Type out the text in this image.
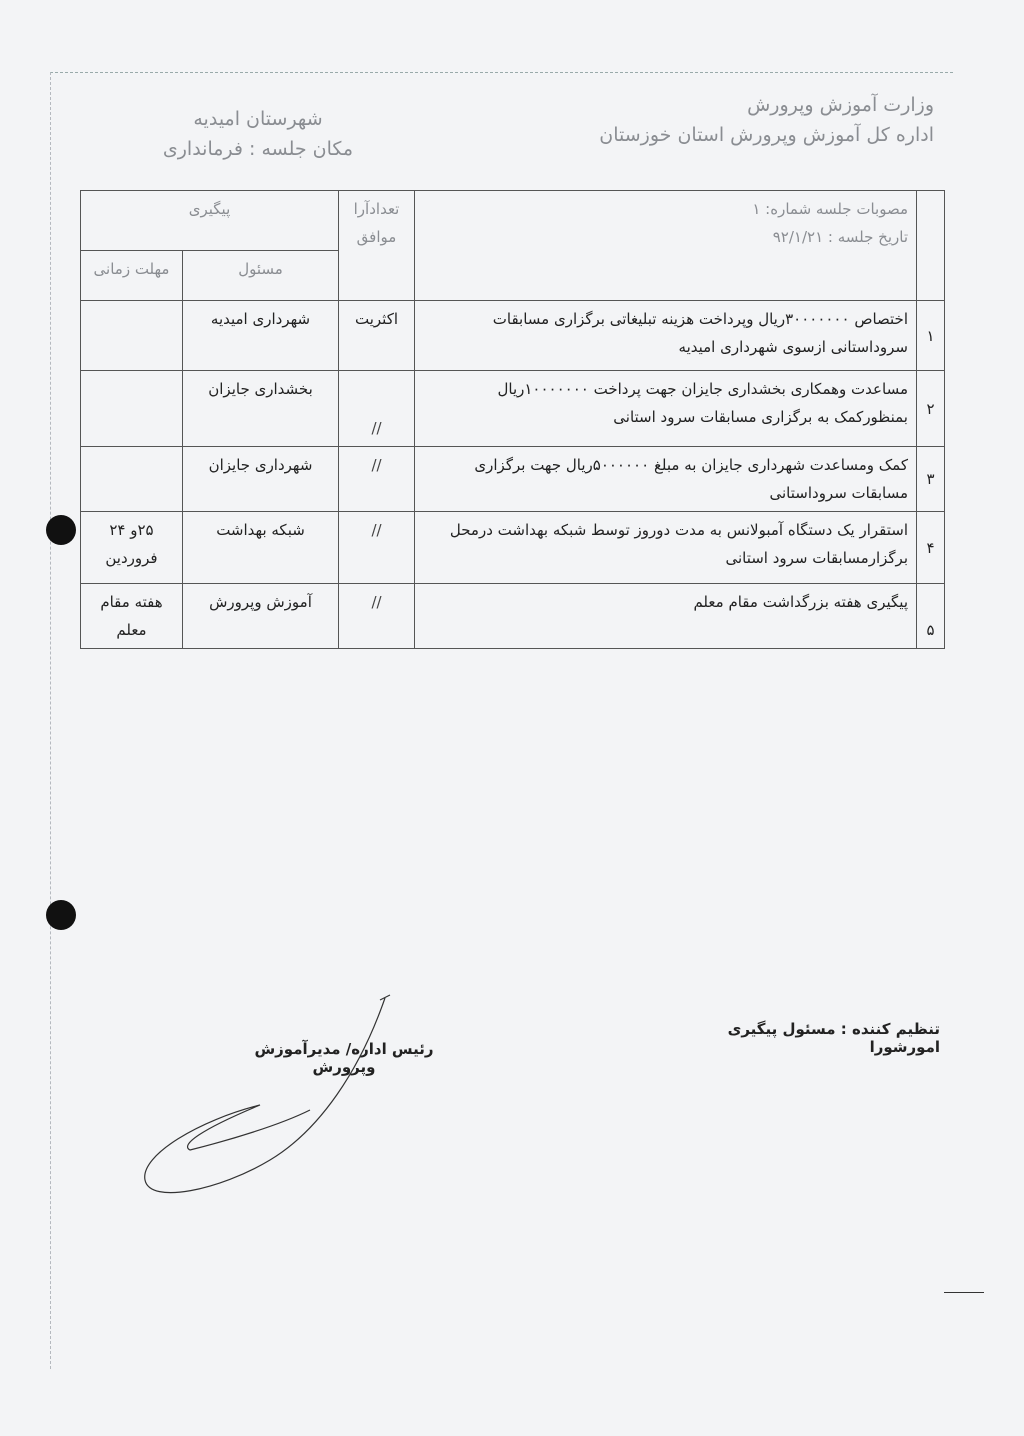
وزارت آموزش وپرورش
اداره کل آموزش وپرورش استان خوزستان
شهرستان امیدیه
مکان جلسه : فرمانداری

	مصوبات جلسه شماره: ۱
تاریخ جلسه : ۹۲/۱/۲۱	تعدادآرا موافق	پیگیری	
			مسئول	مهلت زمانی
۱	اختصاص ۳۰۰۰۰۰۰۰ریال وپرداخت هزینه تبلیغاتی برگزاری مسابقات سروداستانی ازسوی شهرداری امیدیه	اکثریت	شهرداری امیدیه	
۲	مساعدت وهمکاری بخشداری جایزان جهت پرداخت ۱۰۰۰۰۰۰۰ریال بمنظورکمک به برگزاری مسابقات سرود استانی	//	بخشداری جایزان	
۳	کمک ومساعدت شهرداری جایزان به مبلغ ۵۰۰۰۰۰۰ریال جهت برگزاری مسابقات سروداستانی	//	شهرداری جایزان	
۴	استقرار یک دستگاه آمبولانس به مدت دوروز توسط شبکه بهداشت درمحل برگزارمسابقات سرود استانی	//	شبکه بهداشت	۲۵و ۲۴ فروردین
۵	پیگیری هفته بزرگداشت مقام معلم	//	آموزش وپرورش	هفته مقام معلم
تنظیم کننده : مسئول پیگیری امورشورا
رئیس اداره/ مدیرآموزش وپرورش
